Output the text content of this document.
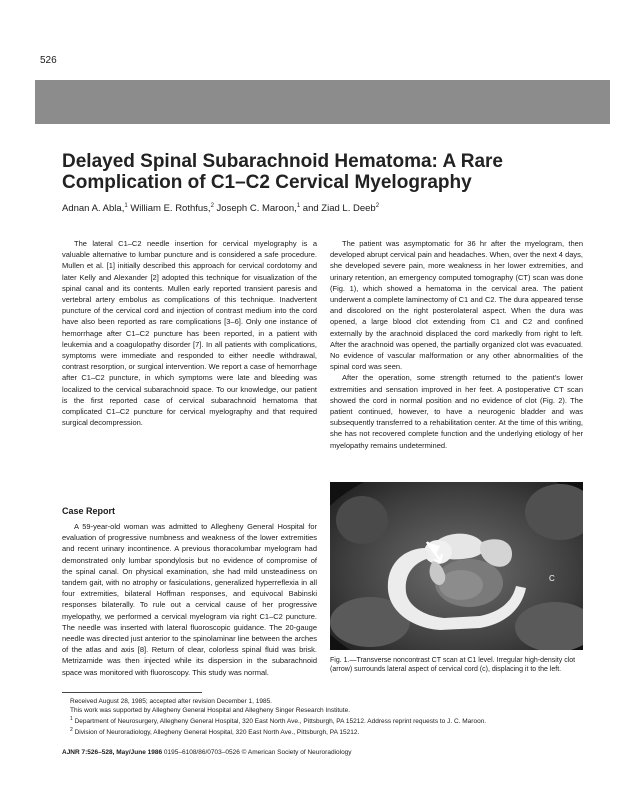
526
Delayed Spinal Subarachnoid Hematoma: A Rare Complication of C1–C2 Cervical Myelography
Adnan A. Abla,$^1$ William E. Rothfus,$^2$ Joseph C. Maroon,$^1$ and Ziad L. Deeb$^2$

The lateral C1–C2 needle insertion for cervical myelography is a valuable alternative to lumbar puncture and is considered a safe procedure. Mullen et al. [1] initially described this approach for cervical cordotomy and later Kelly and Alexander [2] adopted this technique for visualization of the spinal canal and its contents. Mullen early reported transient paresis and vertebral artery embolus as complications of this technique. Inadvertent puncture of the cervical cord and injection of contrast medium into the cord have also been reported as rare complications [3–6]. Only one instance of hemorrhage after C1–C2 puncture has been reported, in a patient with leukemia and a coagulopathy disorder [7]. In all patients with complications, symptoms were immediate and responded to either needle withdrawal, contrast resorption, or surgical intervention. We report a case of hemorrhage after C1–C2 puncture, in which symptoms were late and bleeding was localized to the cervical subarachnoid space. To our knowledge, our patient is the first reported case of cervical subarachnoid hematoma that complicated C1–C2 puncture for cervical myelography and that required surgical decompression.

The patient was asymptomatic for 36 hr after the myelogram, then developed abrupt cervical pain and headaches. When, over the next 4 days, she developed severe pain, more weakness in her lower extremities, and urinary retention, an emergency computed tomography (CT) scan was done (Fig. 1), which showed a hematoma in the cervical area. The patient underwent a complete laminectomy of C1 and C2. The dura appeared tense and discolored on the right posterolateral aspect. When the dura was opened, a large blood clot extending from C1 and C2 and confined externally by the arachnoid displaced the cord markedly from right to left. After the arachnoid was opened, the partially organized clot was evacuated. No evidence of vascular malformation or any other abnormalities of the spinal cord was seen.

After the operation, some strength returned to the patient's lower extremities and sensation improved in her feet. A postoperative CT scan showed the cord in normal position and no evidence of clot (Fig. 2). The patient continued, however, to have a neurogenic bladder and was subsequently transferred to a rehabilitation center. At the time of this writing, she has not recovered complete function and the underlying etiology of her myelopathy remains undetermined.

Case Report

A 59-year-old woman was admitted to Allegheny General Hospital for evaluation of progressive numbness and weakness of the lower extremities and recent urinary incontinence. A previous thoracolumbar myelogram had demonstrated only lumbar spondylosis but no evidence of compromise of the spinal canal. On physical examination, she had mild unsteadiness on tandem gait, with no atrophy or fasiculations, generalized hyperreflexia in all four extremities, bilateral Hoffman responses, and equivocal Babinski responses bilaterally. To rule out a cervical cause of her progressive myelopathy, we performed a cervical myelogram via right C1–C2 puncture. The needle was inserted with lateral fluoroscopic guidance. The 20-gauge needle was directed just anterior to the spinolaminar line between the arches of the atlas and axis [8]. Return of clear, colorless spinal fluid was brisk. Metrizamide was then injected while its dispersion in the subarachnoid space was monitored with fluoroscopy. This study was normal.

C
Fig. 1.—Transverse noncontrast CT scan at C1 level. Irregular high-density clot (arrow) surrounds lateral aspect of cervical cord (c), displacing it to the left.
Received August 28, 1985; accepted after revision December 1, 1985.
This work was supported by Allegheny General Hospital and Allegheny Singer Research Institute.
$^1$ Department of Neurosurgery, Allegheny General Hospital, 320 East North Ave., Pittsburgh, PA 15212. Address reprint requests to J. C. Maroon.
$^2$ Division of Neuroradiology, Allegheny General Hospital, 320 East North Ave., Pittsburgh, PA 15212.
AJNR 7:526–528, May/June 1986 0195–6108/86/0703–0526 © American Society of Neuroradiology
